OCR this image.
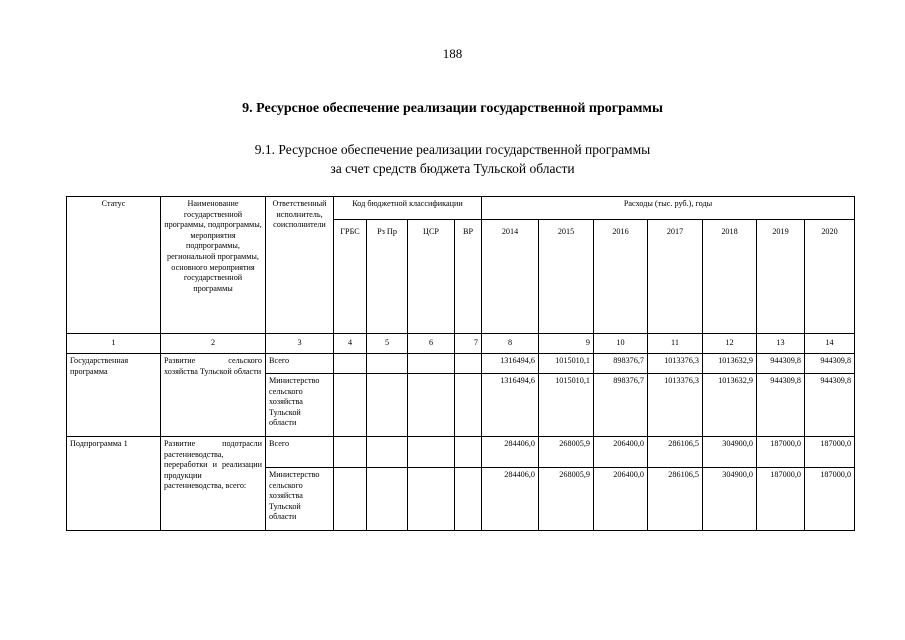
188
9. Ресурсное обеспечение реализации государственной программы
9.1. Ресурсное обеспечение реализации государственной программы
за счет средств бюджета Тульской области
Статус	Наименование государственной программы, подпрограммы, мероприятия подпрограммы, региональной программы, основного мероприятия государственной программы	Ответственный исполнитель, соисполнители	Код бюджетной классификации				Расходы (тыс. руб.), годы						
			ГРБС	Рз Пр	ЦСР	ВР	2014	2015	2016	2017	2018	2019	2020
1	2	3	4	5	6	7	8	9	10	11	12	13	14
Государственная программа	Развитие сельского хозяйства Тульской области	Всего					1316494,6	1015010,1	898376,7	1013376,3	1013632,9	944309,8	944309,8
		Министерство сельского хозяйства Тульской области					1316494,6	1015010,1	898376,7	1013376,3	1013632,9	944309,8	944309,8
Подпрограмма 1	Развитие подотрасли растениеводства, переработки и реализации продукции растениеводства, всего:	Всего					284406,0	268005,9	206400,0	286106,5	304900,0	187000,0	187000,0
		Министерство сельского хозяйства Тульской области					284406,0	268005,9	206400,0	286106,5	304900,0	187000,0	187000,0
